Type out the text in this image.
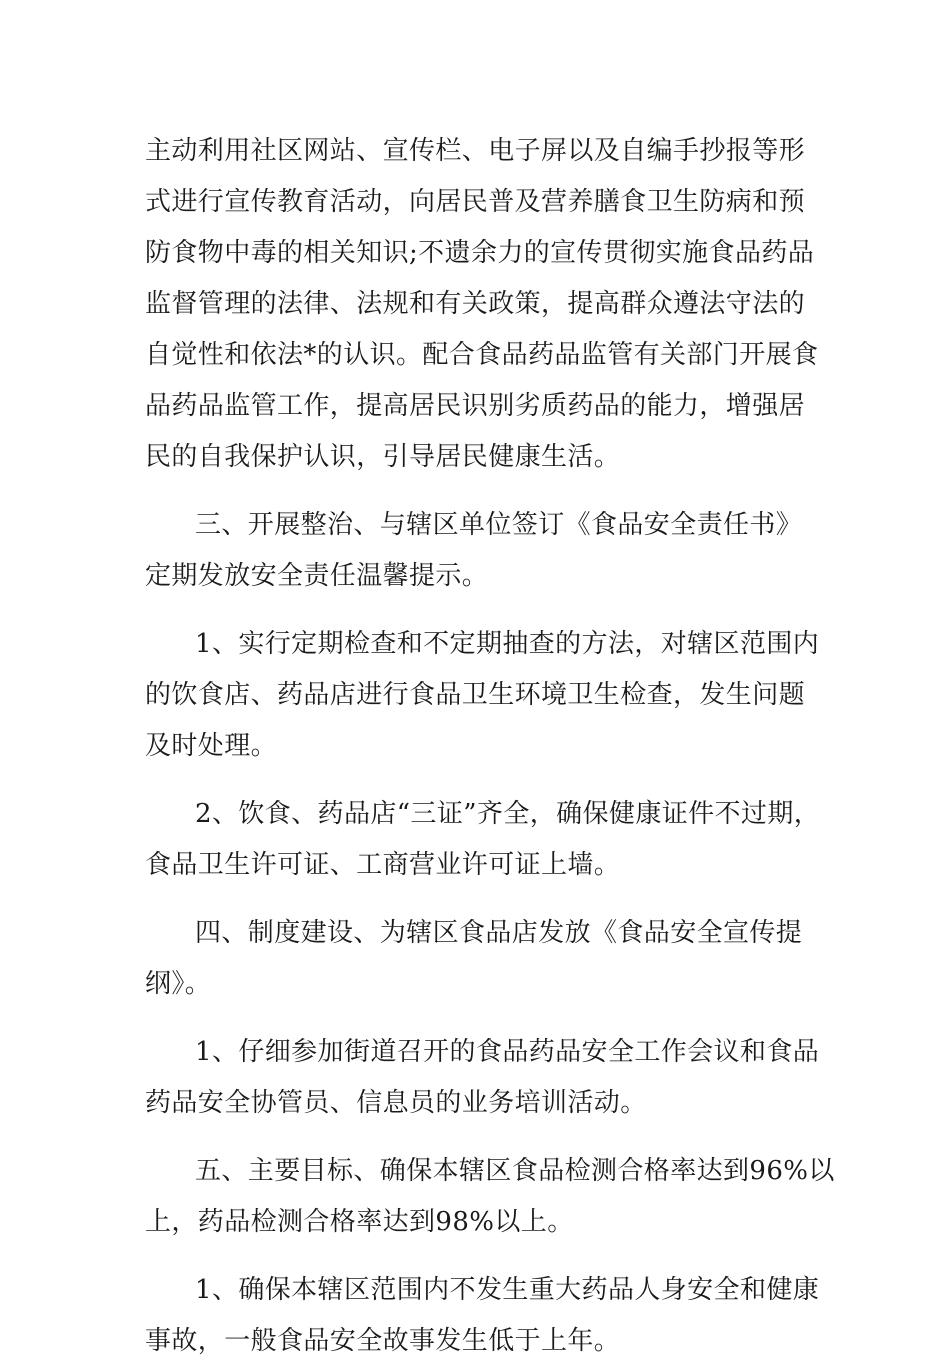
主动利用社区网站、宣传栏、电子屏以及自编手抄报等形
式进行宣传教育活动，向居民普及营养膳食卫生防病和预
防食物中毒的相关知识;不遗余力的宣传贯彻实施食品药品
监督管理的法律、法规和有关政策，提高群众遵法守法的
自觉性和依法*的认识。配合食品药品监管有关部门开展食
品药品监管工作，提高居民识别劣质药品的能力，增强居
民的自我保护认识，引导居民健康生活。
三、开展整治、与辖区单位签订《食品安全责任书》
定期发放安全责任温馨提示。
1、实行定期检查和不定期抽查的方法，对辖区范围内
的饮食店、药品店进行食品卫生环境卫生检查，发生问题
及时处理。
2、饮食、药品店“三证”齐全，确保健康证件不过期，
食品卫生许可证、工商营业许可证上墙。
四、制度建设、为辖区食品店发放《食品安全宣传提
纲》。
1、仔细参加街道召开的食品药品安全工作会议和食品
药品安全协管员、信息员的业务培训活动。
五、主要目标、确保本辖区食品检测合格率达到96%以
上，药品检测合格率达到98%以上。
1、确保本辖区范围内不发生重大药品人身安全和健康
事故，一般食品安全故事发生低于上年。
